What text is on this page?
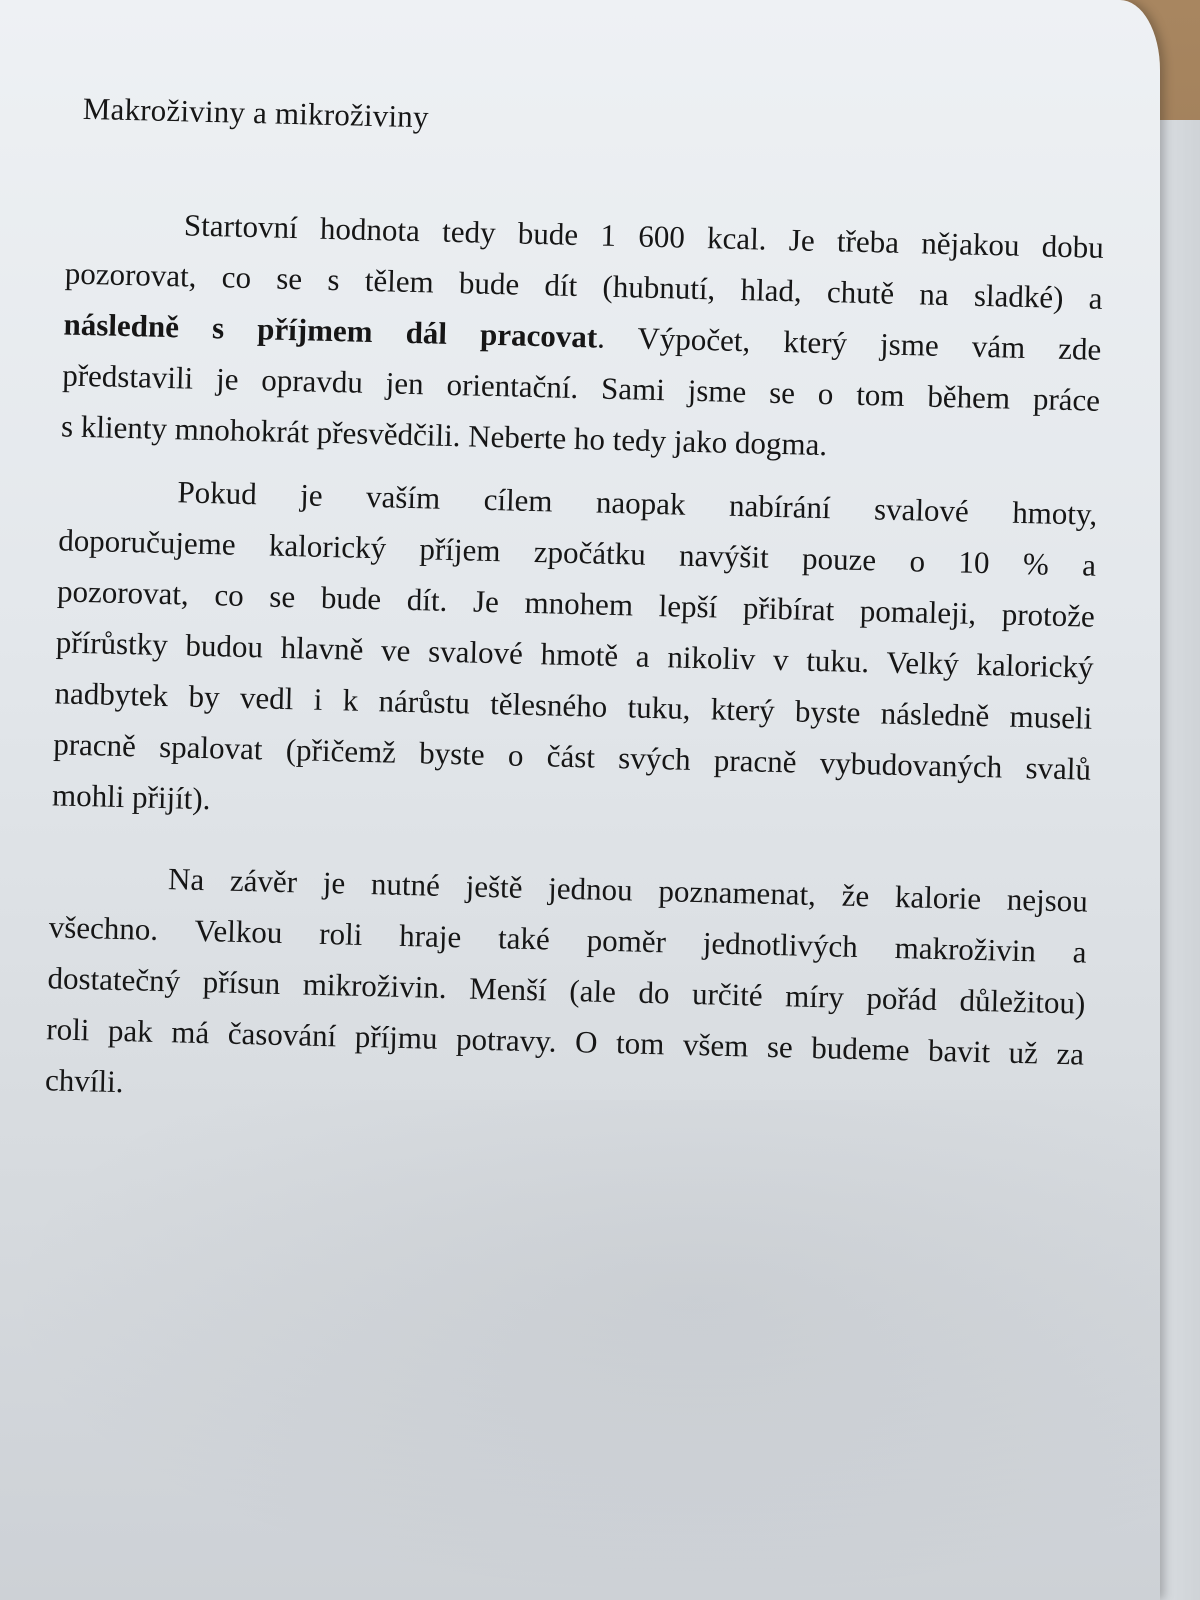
Makroživiny a mikroživiny

Startovní hodnota tedy bude 1 600 kcal. Je třeba nějakou dobu
pozorovat, co se s tělem bude dít (hubnutí, hlad, chutě na sladké) a
následně s příjmem dál pracovat. Výpočet, který jsme vám zde
představili je opravdu jen orientační. Sami jsme se o tom během práce
s klienty mnohokrát přesvědčili. Neberte ho tedy jako dogma.

Pokud je vaším cílem naopak nabírání svalové hmoty,
doporučujeme kalorický příjem zpočátku navýšit pouze o 10 % a
pozorovat, co se bude dít. Je mnohem lepší přibírat pomaleji, protože
přírůstky budou hlavně ve svalové hmotě a nikoliv v tuku. Velký kalorický
nadbytek by vedl i k nárůstu tělesného tuku, který byste následně museli
pracně spalovat (přičemž byste o část svých pracně vybudovaných svalů
mohli přijít).

Na závěr je nutné ještě jednou poznamenat, že kalorie nejsou
všechno. Velkou roli hraje také poměr jednotlivých makroživin a
dostatečný přísun mikroživin. Menší (ale do určité míry pořád důležitou)
roli pak má časování příjmu potravy. O tom všem se budeme bavit už za
chvíli.
